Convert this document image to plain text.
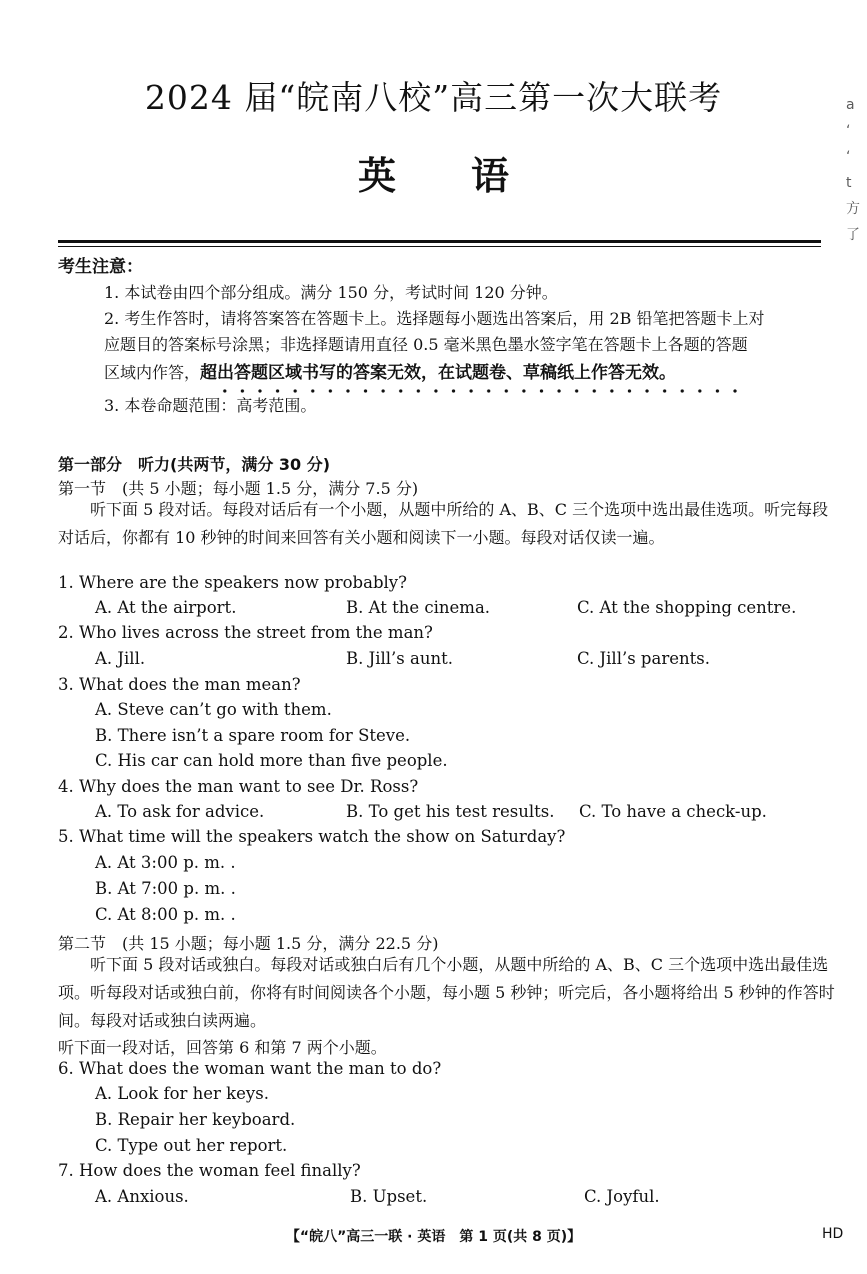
2024 届“皖南八校”高三第一次大联考
英 语
a
‘
‘
t
方
了
考生注意：
1. 本试卷由四个部分组成。满分 150 分，考试时间 120 分钟。
2. 考生作答时，请将答案答在答题卡上。选择题每小题选出答案后，用 2B 铅笔把答题卡上对
应题目的答案标号涂黑；非选择题请用直径 0.5 毫米黑色墨水签字笔在答题卡上各题的答题
区域内作答，超出答题区域书写的答案无效，在试题卷、草稿纸上作答无效。
3. 本卷命题范围：高考范围。
第一部分　听力(共两节，满分 30 分)
第一节　(共 5 小题；每小题 1.5 分，满分 7.5 分)
听下面 5 段对话。每段对话后有一个小题，从题中所给的 A、B、C 三个选项中选出最佳选项。听完每段对话后，你都有 10 秒钟的时间来回答有关小题和阅读下一小题。每段对话仅读一遍。
1. Where are the speakers now probably?
A. At the airport.	B. At the cinema.	C. At the shopping centre.
2. Who lives across the street from the man?
A. Jill.	B. Jill’s aunt.	C. Jill’s parents.
3. What does the man mean?
A. Steve can’t go with them.
B. There isn’t a spare room for Steve.
C. His car can hold more than five people.
4. Why does the man want to see Dr. Ross?
A. To ask for advice.	B. To get his test results. C. To have a check-up.
5. What time will the speakers watch the show on Saturday?
A. At 3:00 p. m. .
B. At 7:00 p. m. .
C. At 8:00 p. m. .
第二节　(共 15 小题；每小题 1.5 分，满分 22.5 分)
听下面 5 段对话或独白。每段对话或独白后有几个小题，从题中所给的 A、B、C 三个选项中选出最佳选项。听每段对话或独白前，你将有时间阅读各个小题，每小题 5 秒钟；听完后，各小题将给出 5 秒钟的作答时间。每段对话或独白读两遍。
听下面一段对话，回答第 6 和第 7 两个小题。
6. What does the woman want the man to do?
A. Look for her keys.
B. Repair her keyboard.
C. Type out her report.
7. How does the woman feel finally?
A. Anxious.	B. Upset.	C. Joyful.
【“皖八”高三一联 · 英语　第 1 页(共 8 页)】	HD
